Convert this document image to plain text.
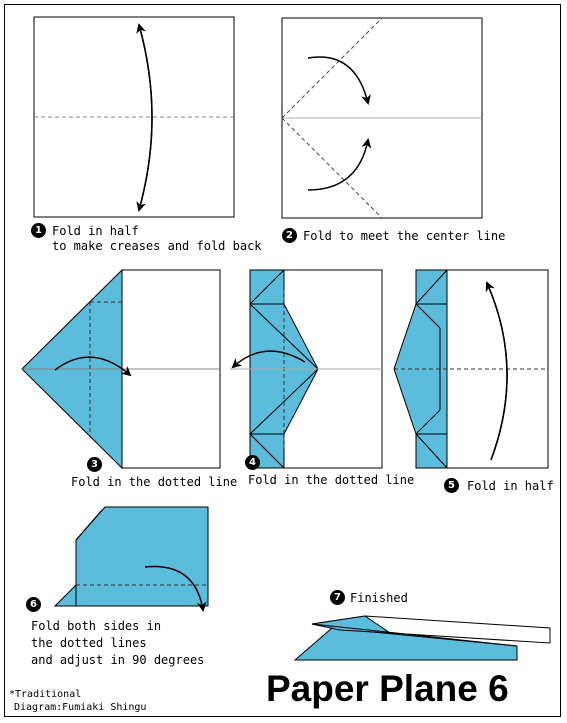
1 Fold in half
to make creases and fold back
2 Fold to meet the center line
3
Fold in the dotted line
4
Fold in the dotted line	5	Fold in half
6
Fold both sides in
the dotted lines
and adjust in 90 degrees
7 Finished
*Traditional
Diagram:Fumiaki Shingu	Paper Plane 6
